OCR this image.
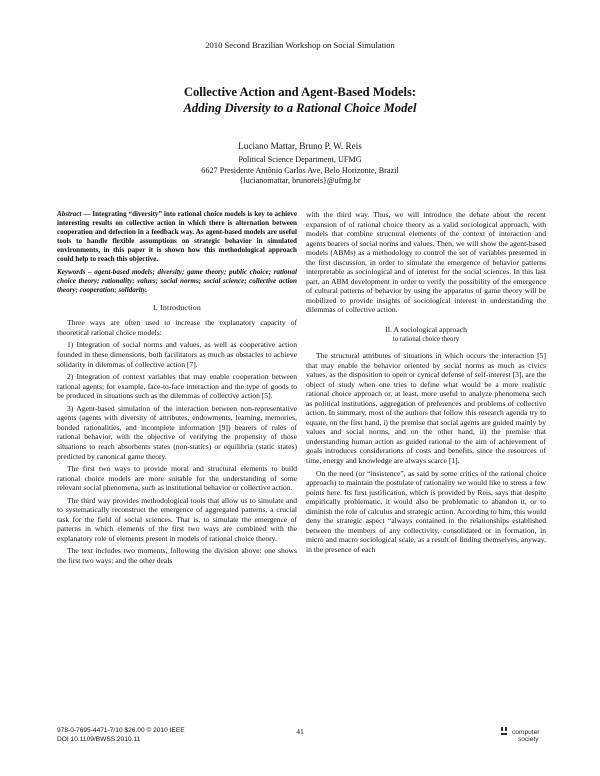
2010 Second Brazilian Workshop on Social Simulation
Collective Action and Agent-Based Models:
Adding Diversity to a Rational Choice Model
Luciano Mattar, Bruno P. W. Reis
Political Science Department, UFMG
6627 Presidente Antônio Carlos Ave, Belo Horizonte, Brazil
{lucianomattar, brunoreis}@ufmg.br

Abstract — Integrating “diversity” into rational choice models is key to achieve interesting results on collective action in which there is alternation between cooperation and defection in a feedback way. As agent-based models are useful tools to handle flexible assumptions on strategic behavior in simulated environments, in this paper it is shown how this methodological approach could help to reach this objective.

Keywords – agent-based models; diversity; game theory; public choice; rational choice theory; rationality; values; social norms; social science; collective action theory; cooperation; solidarity.

I. Introduction

Three ways are often used to increase the explanatory capacity of theoretical rational choice models:

1) Integration of social norms and values, as well as cooperative action founded in these dimensions, both facilitators as much as obstacles to achieve solidarity in dilemmas of collective action [7].

2) Integration of context variables that may enable cooperation between rational agents; for example, face-to-face interaction and the type of goods to be produced in situations such as the dilemmas of collective action [5].

3) Agent-based simulation of the interaction between non-representative agents (agents with diversity of attributes, endowments, learning, memories, bonded rationalities, and incomplete information [9]) bearers of rules of rational behavior, with the objective of verifying the propensity of those situations to reach absorbents states (non-statics) or equilibria (static states) predicted by canonical game theory.

The first two ways to provide moral and structural elements to build rational choice models are more suitable for the understanding of some relevant social phenomena, such as institutional behavior or collective action.

The third way provides methodological tools that allow us to simulate and to systematically reconstruct the emergence of aggregated patterns, a crucial task for the field of social sciences. That is, to simulate the emergence of patterns in which elements of the first two ways are combined with the explanatory role of elements present in models of rational choice theory.

The text includes two moments, following the division above: one shows the first two ways; and the other deals

with the third way. Thus, we will introduce the debate about the recent expansion of of rational choice theory as a valid sociological approach, with models that combine structural elements of the context of interaction and agents bearers of social norms and values. Then, we will show the agent-based models (ABMs) as a methodology to control the set of variables presented in the first discussion, in order to simulate the emergence of behavior patterns interpretable as sociological and of interest for the social sciences. In this last part, an ABM development in order to verify the possibility of the emergence of cultural patterns of behavior by using the apparatus of game theory will be mobilized to provide insights of sociological interest in understanding the dilemmas of collective action.

II. A sociological approach
to rational choice theory

The structural attributes of situations in which occurs the interaction [5] that may enable the behavior oriented by social norms as much as civics values, as the disposition to open or cynical defense of self-interest [3], are the object of study when one tries to define what would be a more realistic rational choice approach or, at least, more useful to analyze phenomena such as political institutions, aggregation of preferences and problems of collective action. In summary, most of the authors that follow this research agenda try to equate, on the first hand, i) the premise that social agents are guided mainly by values and social norms, and on the other hand, ii) the premise that understanding human action as guided rational to the aim of achievement of goals introduces considerations of costs and benefits, since the resources of time, energy and knowledge are always scarce [1].

On the need (or “insistence”, as said by some critics of the rational choice approach) to maintain the postulate of rationality we would like to stress a few points here. Its first justification, which is provided by Reis, says that despite empirically problematic, it would also be problematic to abandon it, or to diminish the role of calculus and strategic action. According to him, this would deny the strategic aspect “always contained in the relationships established between the members of any collectivity, consolidated or in formation, in micro and macro sociological scale, as a result of finding themselves, anyway, in the presence of each

978-0-7695-4471-7/10 $26.00 © 2010 IEEE
DOI 10.1109/BWSS.2010.11
41	computer
society
